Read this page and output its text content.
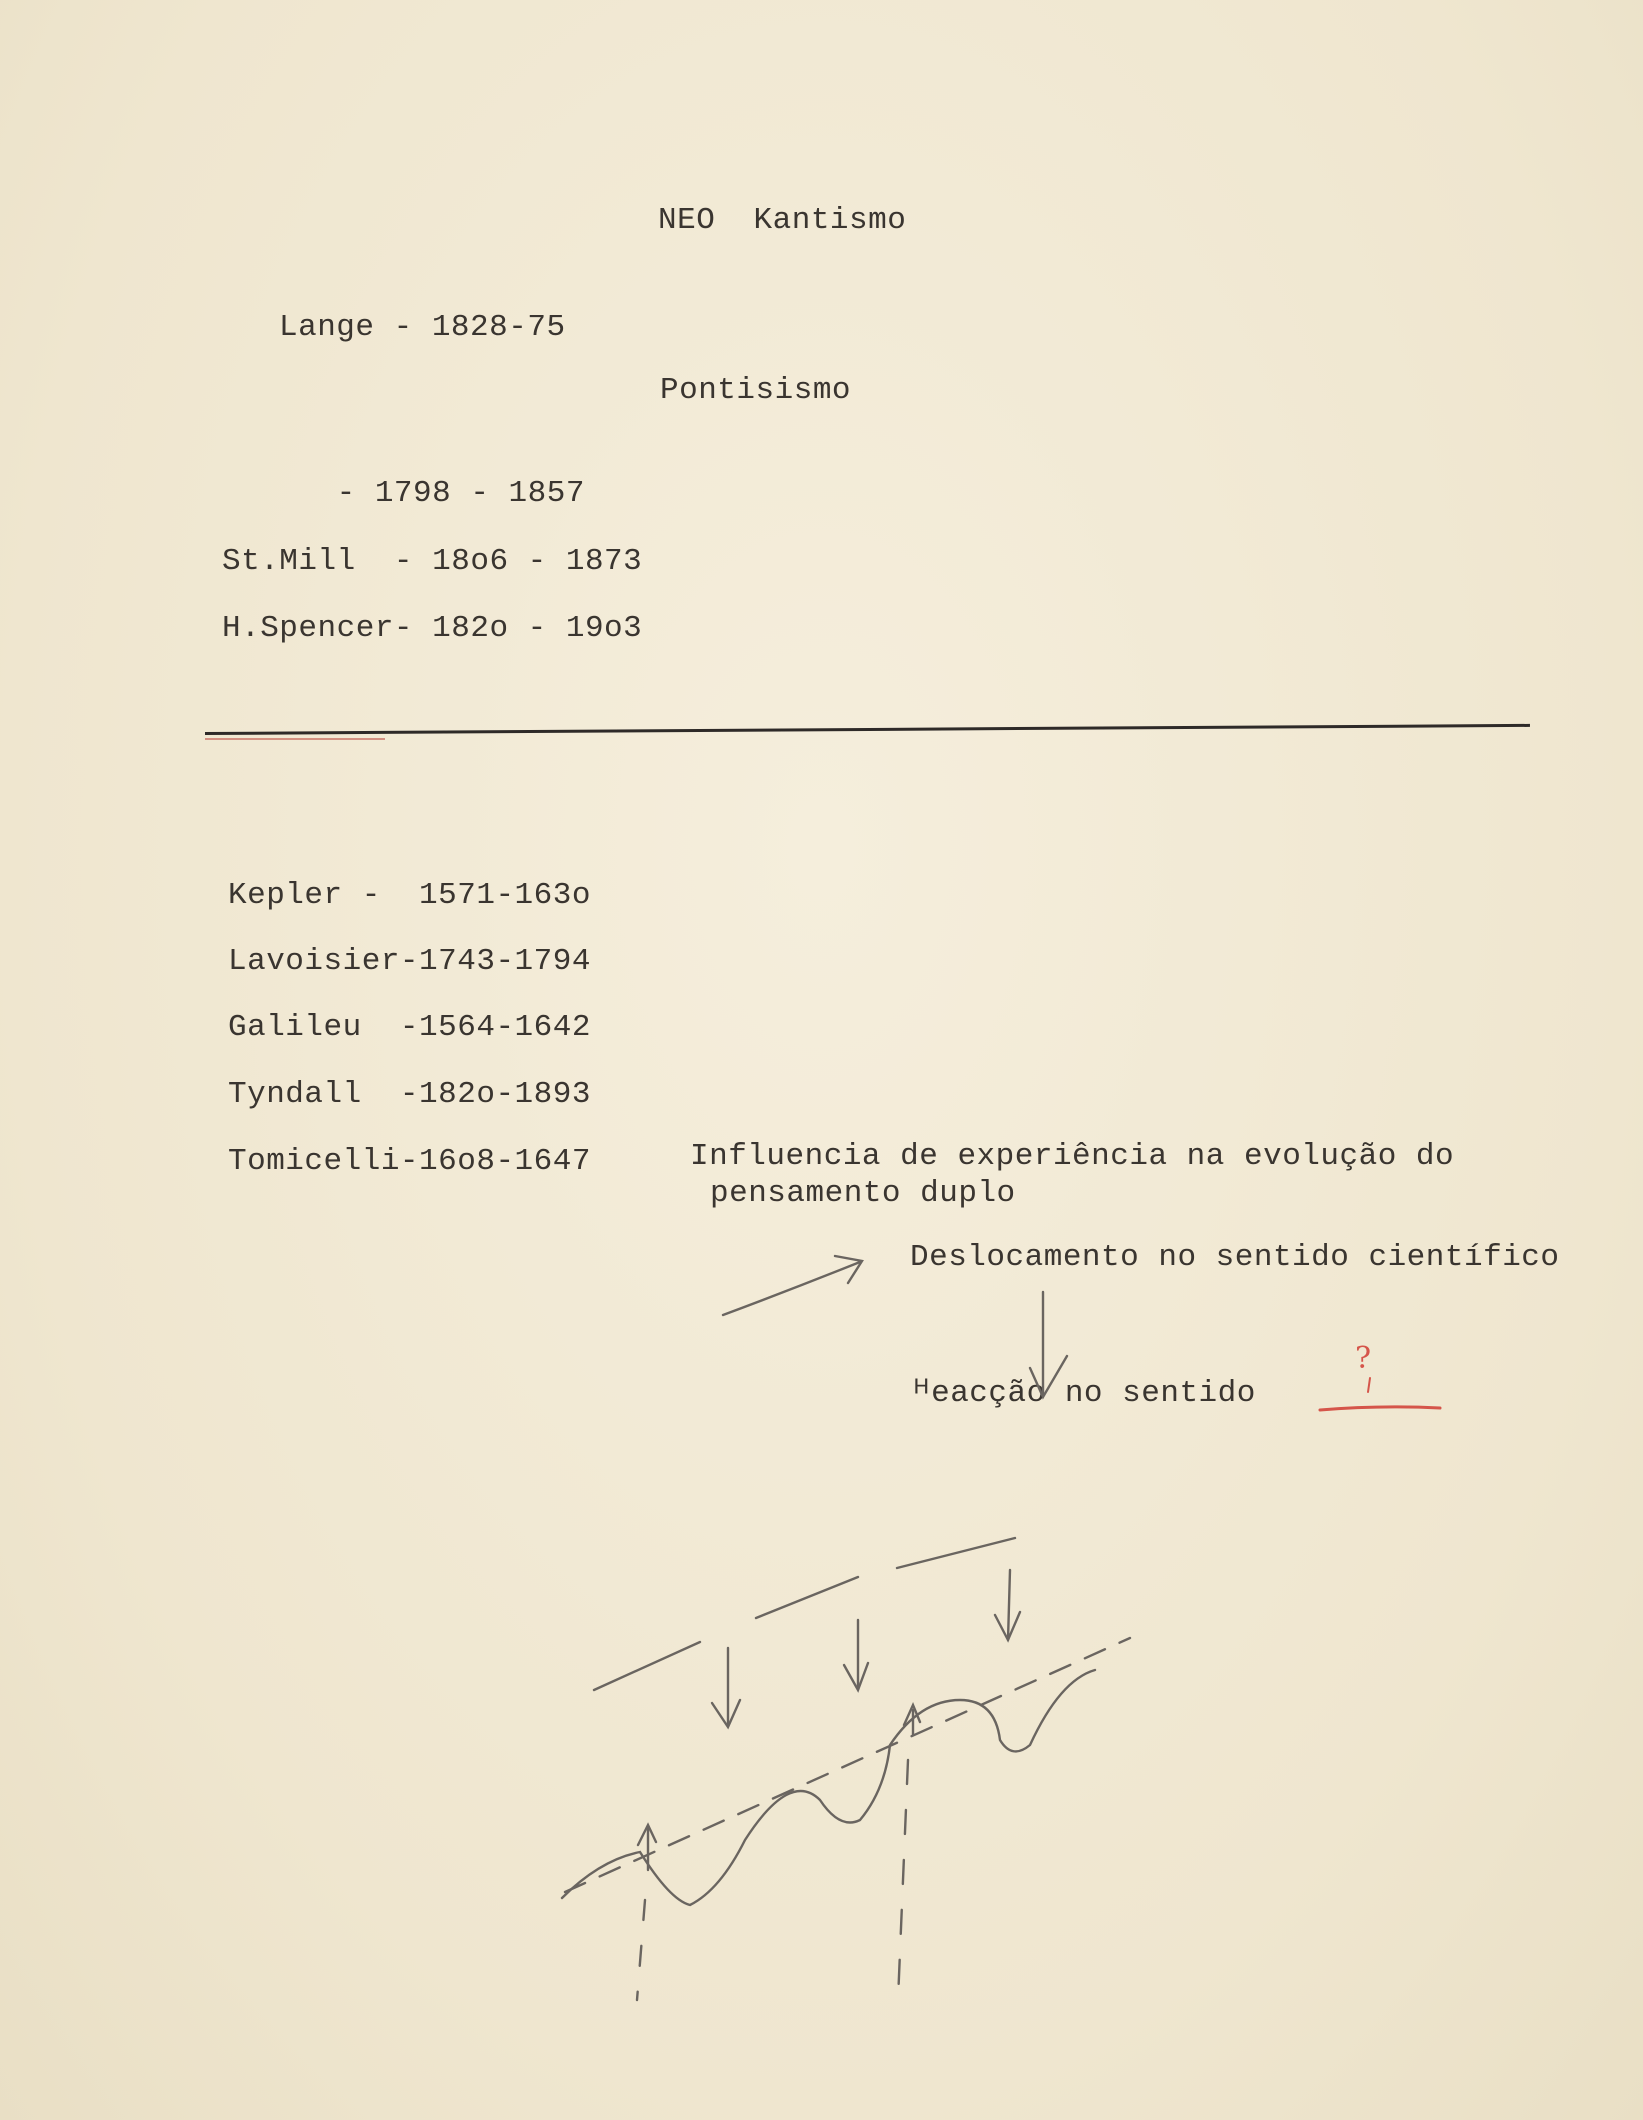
NEO  Kantismo
Lange - 1828-75
Pontisismo
- 1798 - 1857
St.Mill  - 18o6 - 1873
H.Spencer- 182o - 19o3
Kepler -  1571-163o
Lavoisier-1743-1794
Galileu  -1564-1642
Tyndall  -182o-1893
Tomicelli-16o8-1647	Influencia de experiência na evolução do
pensamento duplo
Deslocamento no sentido científico
ᴴeacção no sentido
?
